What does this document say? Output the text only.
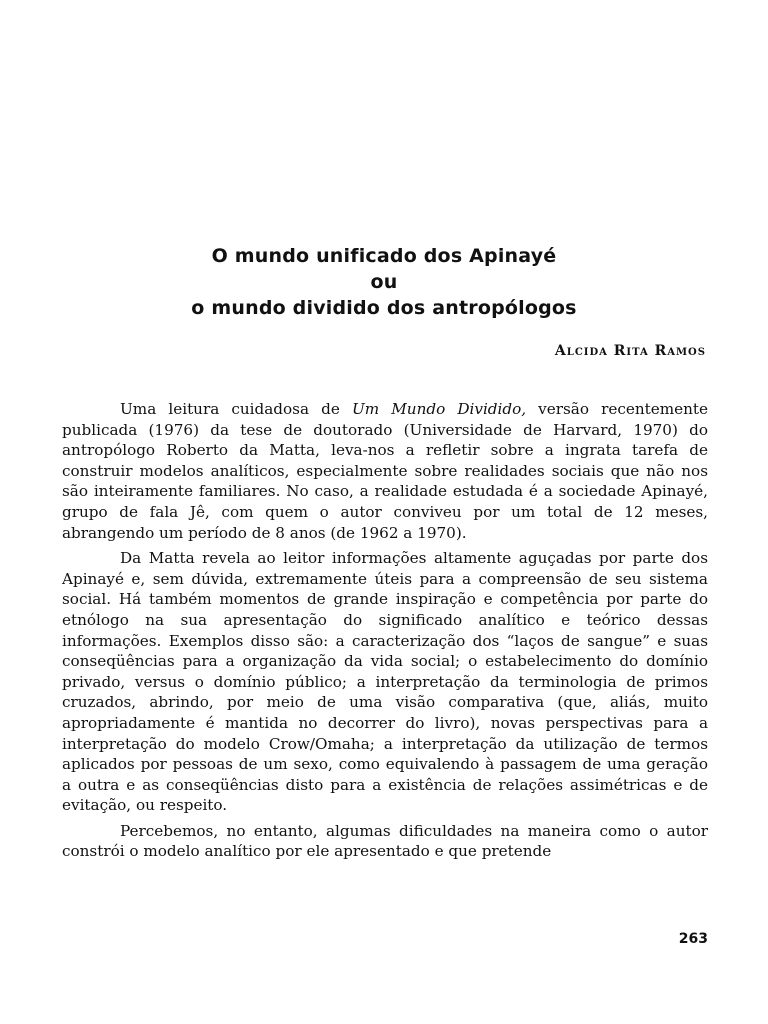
O mundo unificado dos Apinayé
ou
o mundo dividido dos antropólogos
Alcida Rita Ramos

Uma leitura cuidadosa de Um Mundo Dividido, versão recentemente publicada (1976) da tese de doutorado (Universidade de Harvard, 1970) do antropólogo Roberto da Matta, leva-nos a refletir sobre a ingrata tarefa de construir modelos analíticos, especialmente sobre realidades sociais que não nos são inteiramente familiares. No caso, a realidade estudada é a sociedade Apinayé, grupo de fala Jê, com quem o autor conviveu por um total de 12 meses, abrangendo um período de 8 anos (de 1962 a 1970).

Da Matta revela ao leitor informações altamente aguçadas por parte dos Apinayé e, sem dúvida, extremamente úteis para a compreensão de seu sistema social. Há também momentos de grande inspiração e competência por parte do etnólogo na sua apresentação do significado analítico e teórico dessas informações. Exemplos disso são: a caracterização dos “laços de sangue” e suas conseqüências para a organização da vida social; o estabelecimento do domínio privado, versus o domínio público; a interpretação da terminologia de primos cruzados, abrindo, por meio de uma visão comparativa (que, aliás, muito apropriadamente é mantida no decorrer do livro), novas perspectivas para a interpretação do modelo Crow/Omaha; a interpretação da utilização de termos aplicados por pessoas de um sexo, como equivalendo à passagem de uma geração a outra e as conseqüências disto para a existência de relações assimétricas e de evitação, ou respeito.

Percebemos, no entanto, algumas dificuldades na maneira como o autor constrói o modelo analítico por ele apresentado e que pretende

263
